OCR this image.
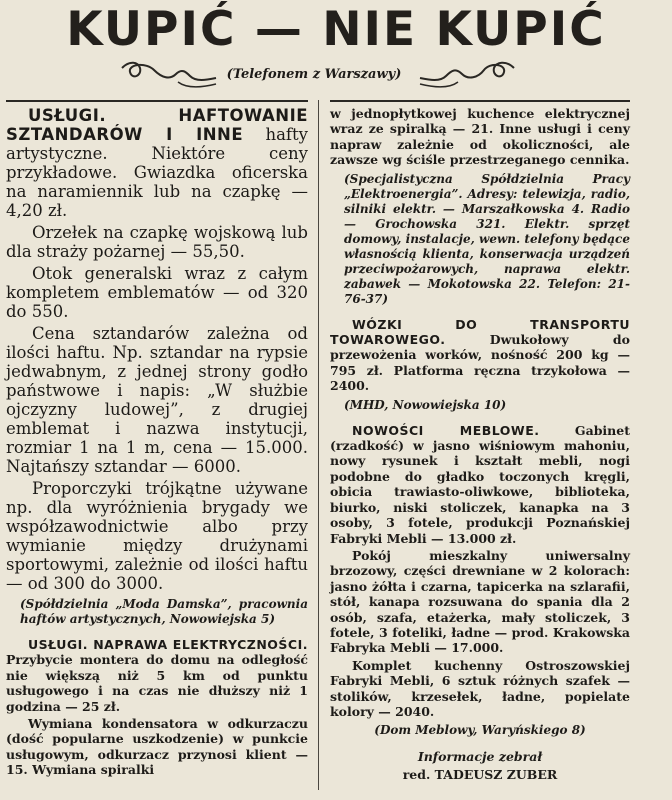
KUPIĆ — NIE KUPIĆ
(Telefonem z Warszawy)

USŁUGI. HAFTOWANIE SZTANDARÓW I INNE hafty artystyczne. Niektóre ceny przykładowe. Gwiazdka oficerska na naramiennik lub na czapkę — 4,20 zł.

Orzełek na czapkę wojskową lub dla straży pożarnej — 55,50.

Otok generalski wraz z całym kompletem emblematów — od 320 do 550.

Cena sztandarów zależna od ilości haftu. Np. sztandar na rypsie jedwabnym, z jednej strony godło państwowe i napis: „W służbie ojczyzny ludowej”, z drugiej emblemat i nazwa instytucji, rozmiar 1 na 1 m, cena — 15.000. Najtańszy sztandar — 6000.

Proporczyki trójkątne używane np. dla wyróżnienia brygady we współzawodnictwie albo przy wymianie między drużynami sportowymi, zależnie od ilości haftu — od 300 do 3000.

(Spółdzielnia „Moda Damska”, pracownia haftów artystycznych, Nowowiejska 5)

USŁUGI. NAPRAWA ELEKTRYCZNOŚCI. Przybycie montera do domu na odległość nie większą niż 5 km od punktu usługowego i na czas nie dłuższy niż 1 godzina — 25 zł.

Wymiana kondensatora w odkurzaczu (dość popularne uszkodzenie) w punkcie usługowym, odkurzacz przynosi klient — 15. Wymiana spiralki

w jednopłytkowej kuchence elektrycznej wraz ze spiralką — 21. Inne usługi i ceny napraw zależnie od okoliczności, ale zawsze wg ściśle przestrzeganego cennika.

(Specjalistyczna Spółdzielnia Pracy „Elektroenergia”. Adresy: telewizja, radio, silniki elektr. — Marszałkowska 4. Radio — Grochowska 321. Elektr. sprzęt domowy, instalacje, wewn. telefony będące własnością klienta, konserwacja urządzeń przeciwpożarowych, naprawa elektr. zabawek — Mokotowska 22. Telefon: 21-76-37)

WÓZKI DO TRANSPORTU TOWAROWEGO.	Dwukołowy do przewożenia worków, nośność 200 kg — 795 zł. Platforma ręczna trzykołowa — 2400.

(MHD, Nowowiejska 10)

NOWOŚCI MEBLOWE.	Gabinet (rzadkość) w jasno wiśniowym mahoniu, nowy rysunek i kształt mebli, nogi podobne do gładko toczonych kręgli, obicia trawiasto-oliwkowe, biblioteka, biurko, niski stoliczek, kanapka na 3 osoby, 3 fotele, produkcji Poznańskiej Fabryki Mebli — 13.000 zł.

Pokój mieszkalny uniwersalny brzozowy, części drewniane w 2 kolorach: jasno żółta i czarna, tapicerka na szlarafii, stół, kanapa rozsuwana do spania dla 2 osób, szafa, etażerka, mały stoliczek, 3 fotele, 3 foteliki, ładne — prod. Krakowska Fabryka Mebli — 17.000.

Komplet kuchenny Ostroszowskiej Fabryki Mebli, 6 sztuk różnych szafek — stolików, krzesełek, ładne, popielate kolory — 2040.

(Dom Meblowy, Waryńskiego 8)

Informacje zebrał
red. TADEUSZ ZUBER
